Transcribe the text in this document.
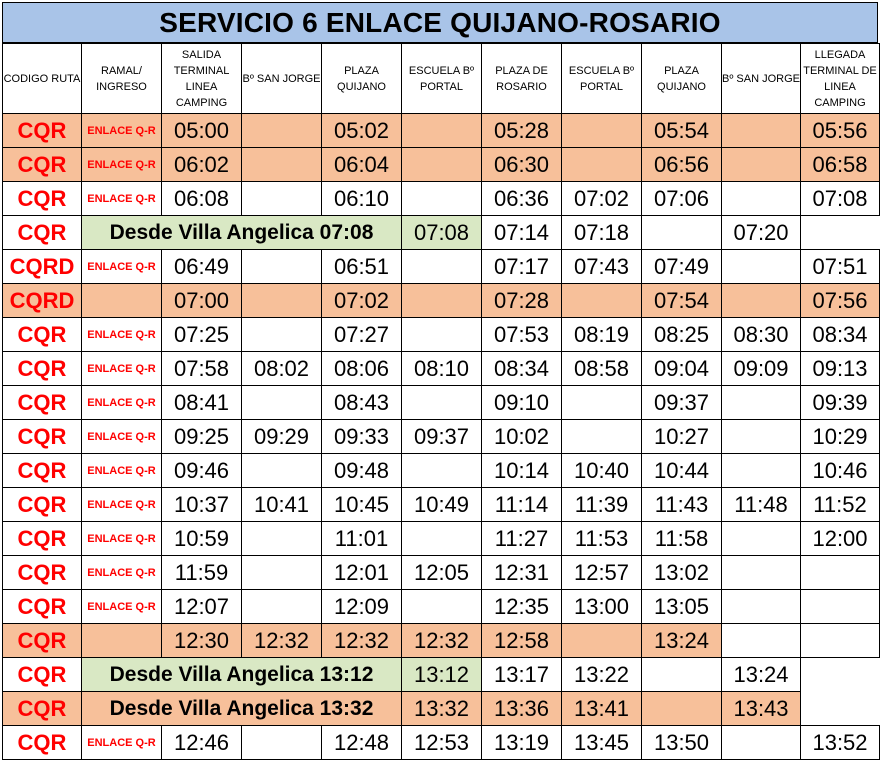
SERVICIO 6 ENLACE QUIJANO-ROSARIO
CODIGO RUTA	RAMAL/ INGRESO	SALIDA TERMINAL LINEA CAMPING	Bº SAN JORGE	PLAZA QUIJANO	ESCUELA Bº PORTAL	PLAZA DE ROSARIO	ESCUELA Bº PORTAL	PLAZA QUIJANO	Bº SAN JORGE	LLEGADA TERMINAL DE LINEA CAMPING
CQR	ENLACE Q-R	05:00		05:02		05:28		05:54		05:56
CQR	ENLACE Q-R	06:02		06:04		06:30		06:56		06:58
CQR	ENLACE Q-R	06:08		06:10		06:36	07:02	07:06		07:08
CQR	Desde Villa Angelica 07:08				07:08	07:14	07:18		07:20	
CQRD	ENLACE Q-R	06:49		06:51		07:17	07:43	07:49		07:51
CQRD		07:00		07:02		07:28		07:54		07:56
CQR	ENLACE Q-R	07:25		07:27		07:53	08:19	08:25	08:30	08:34
CQR	ENLACE Q-R	07:58	08:02	08:06	08:10	08:34	08:58	09:04	09:09	09:13
CQR	ENLACE Q-R	08:41		08:43		09:10		09:37		09:39
CQR	ENLACE Q-R	09:25	09:29	09:33	09:37	10:02		10:27		10:29
CQR	ENLACE Q-R	09:46		09:48		10:14	10:40	10:44		10:46
CQR	ENLACE Q-R	10:37	10:41	10:45	10:49	11:14	11:39	11:43	11:48	11:52
CQR	ENLACE Q-R	10:59		11:01		11:27	11:53	11:58		12:00
CQR	ENLACE Q-R	11:59		12:01	12:05	12:31	12:57	13:02		
CQR	ENLACE Q-R	12:07		12:09		12:35	13:00	13:05		
CQR		12:30	12:32	12:32	12:32	12:58		13:24		
CQR	Desde Villa Angelica 13:12				13:12	13:17	13:22		13:24	
CQR	Desde Villa Angelica 13:32				13:32	13:36	13:41		13:43	
CQR	ENLACE Q-R	12:46		12:48	12:53	13:19	13:45	13:50		13:52
